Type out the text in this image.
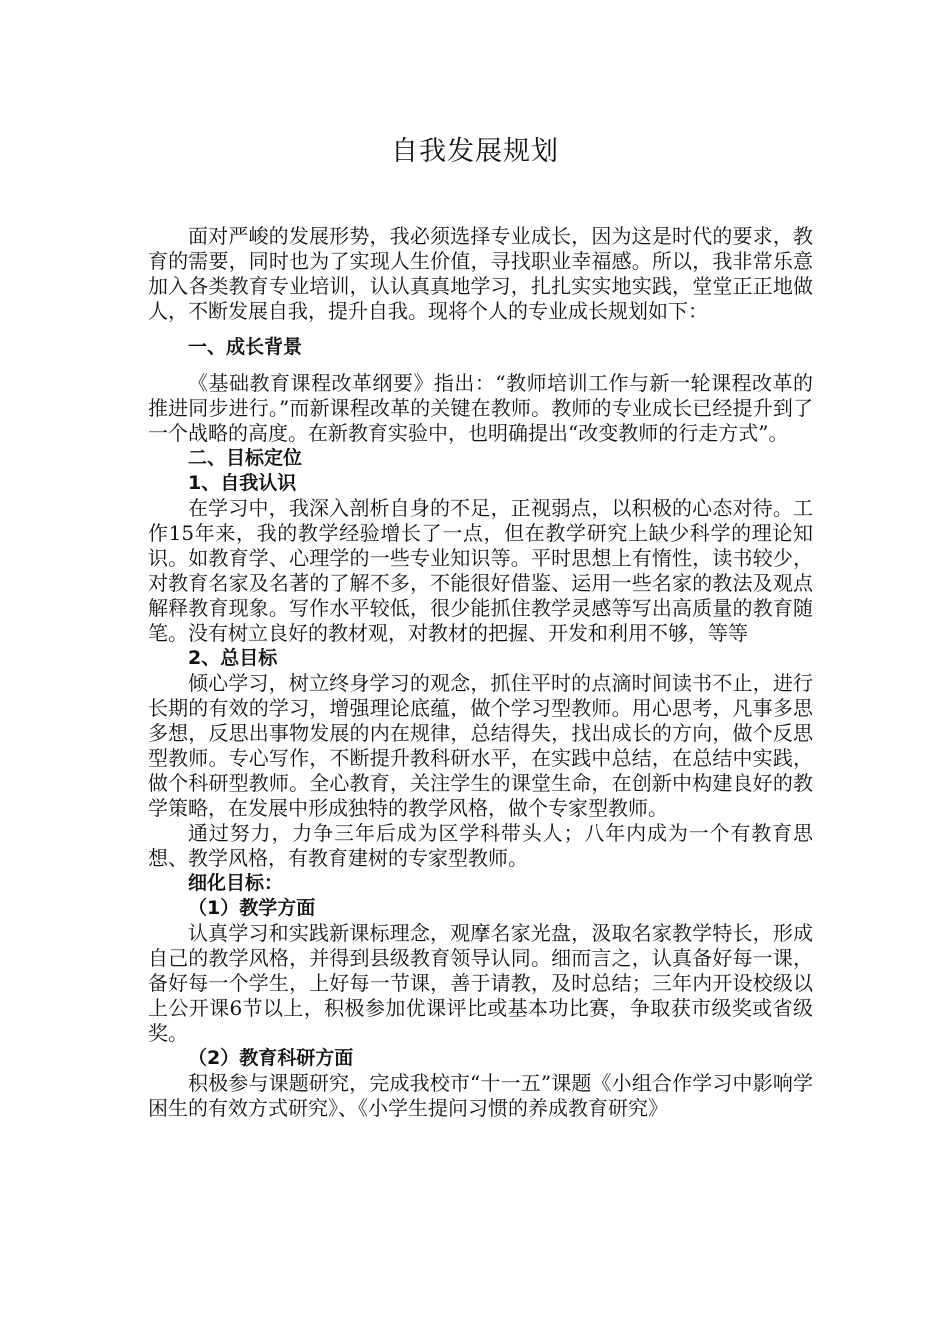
自我发展规划

面对严峻的发展形势，我必须选择专业成长，因为这是时代的要求，教育的需要，同时也为了实现人生价值，寻找职业幸福感。所以，我非常乐意加入各类教育专业培训，认认真真地学习，扎扎实实地实践，堂堂正正地做人，不断发展自我，提升自我。现将个人的专业成长规划如下：

一、成长背景

《基础教育课程改革纲要》指出：“教师培训工作与新一轮课程改革的推进同步进行。”而新课程改革的关键在教师。教师的专业成长已经提升到了一个战略的高度。在新教育实验中，也明确提出“改变教师的行走方式”。

二、目标定位

1、自我认识

在学习中，我深入剖析自身的不足，正视弱点，以积极的心态对待。工作15年来，我的教学经验增长了一点，但在教学研究上缺少科学的理论知识。如教育学、心理学的一些专业知识等。平时思想上有惰性，读书较少，对教育名家及名著的了解不多，不能很好借鉴、运用一些名家的教法及观点解释教育现象。写作水平较低，很少能抓住教学灵感等写出高质量的教育随笔。没有树立良好的教材观，对教材的把握、开发和利用不够，等等

2、总目标

倾心学习，树立终身学习的观念，抓住平时的点滴时间读书不止，进行长期的有效的学习，增强理论底蕴，做个学习型教师。用心思考，凡事多思多想，反思出事物发展的内在规律，总结得失，找出成长的方向，做个反思型教师。专心写作，不断提升教科研水平，在实践中总结，在总结中实践，做个科研型教师。全心教育，关注学生的课堂生命，在创新中构建良好的教学策略，在发展中形成独特的教学风格，做个专家型教师。

通过努力，力争三年后成为区学科带头人；八年内成为一个有教育思想、教学风格，有教育建树的专家型教师。

细化目标：

（1）教学方面

认真学习和实践新课标理念，观摩名家光盘，汲取名家教学特长，形成自己的教学风格，并得到县级教育领导认同。细而言之，认真备好每一课，备好每一个学生，上好每一节课，善于请教，及时总结；三年内开设校级以上公开课6节以上，积极参加优课评比或基本功比赛，争取获市级奖或省级奖。

（2）教育科研方面

积极参与课题研究，完成我校市“十一五”课题《小组合作学习中影响学困生的有效方式研究》、《小学生提问习惯的养成教育研究》
